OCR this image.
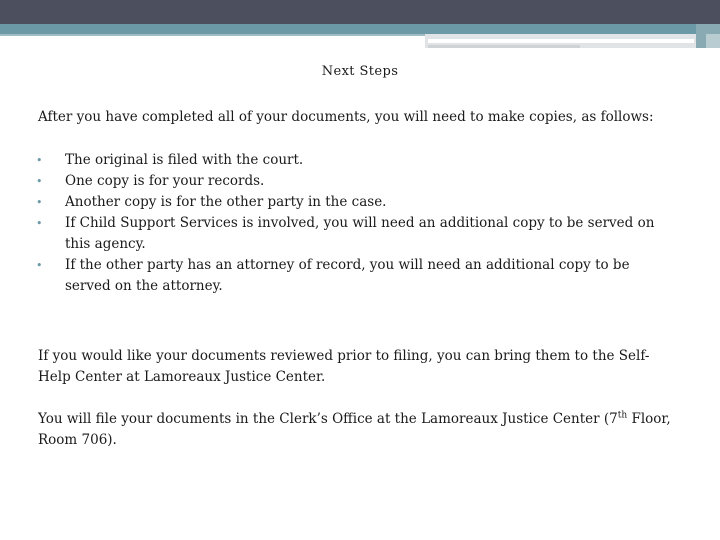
Next Steps
After you have completed all of your documents, you will need to make copies, as follows:
• The original is filed with the court.
• One copy is for your records.
• Another copy is for the other party in the case.
• If Child Support Services is involved, you will need an additional copy to be served on this agency.
• If the other party has an attorney of record, you will need an additional copy to be served on the attorney.
If you would like your documents reviewed prior to filing, you can bring them to the Self-Help Center at Lamoreaux Justice Center.
You will file your documents in the Clerk’s Office at the Lamoreaux Justice Center (7th Floor, Room 706).
